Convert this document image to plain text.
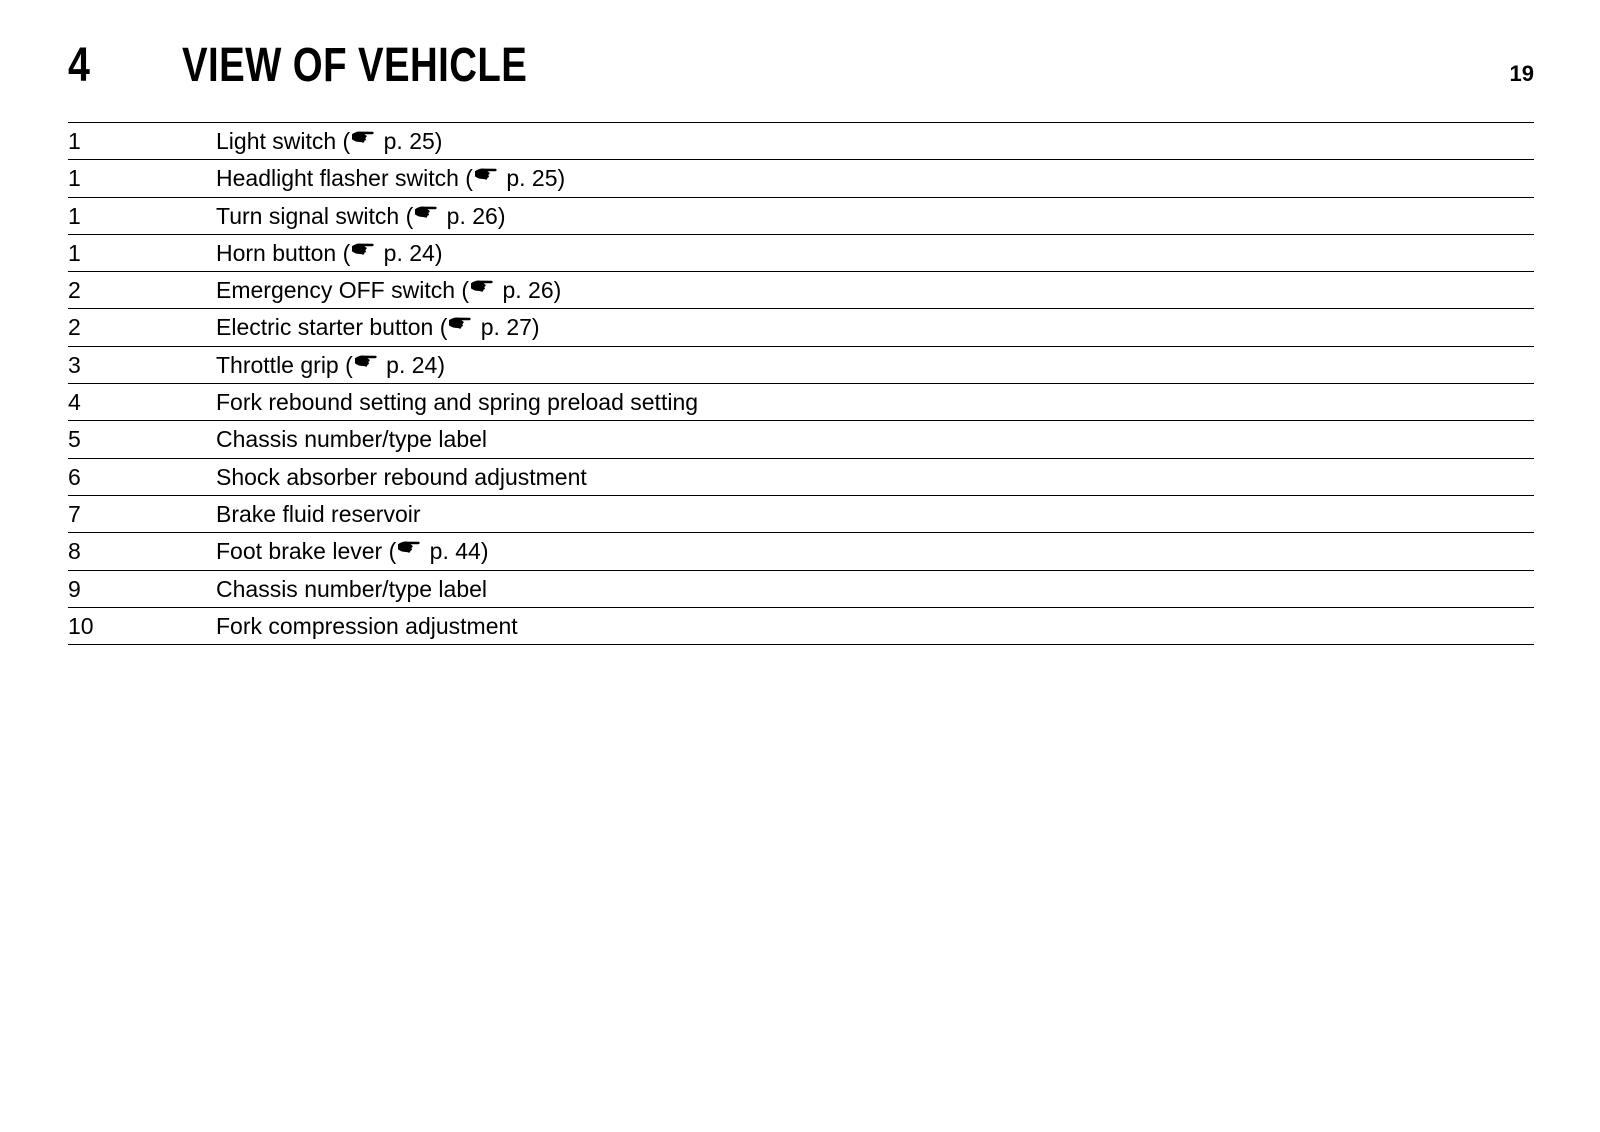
4 VIEW OF VEHICLE	19
1	Light switch ( p. 25)
1	Headlight flasher switch ( p. 25)
1	Turn signal switch ( p. 26)
1	Horn button ( p. 24)
2	Emergency OFF switch ( p. 26)
2	Electric starter button ( p. 27)
3	Throttle grip ( p. 24)
4	Fork rebound setting and spring preload setting
5	Chassis number/type label
6	Shock absorber rebound adjustment
7	Brake fluid reservoir
8	Foot brake lever ( p. 44)
9	Chassis number/type label
10	Fork compression adjustment
